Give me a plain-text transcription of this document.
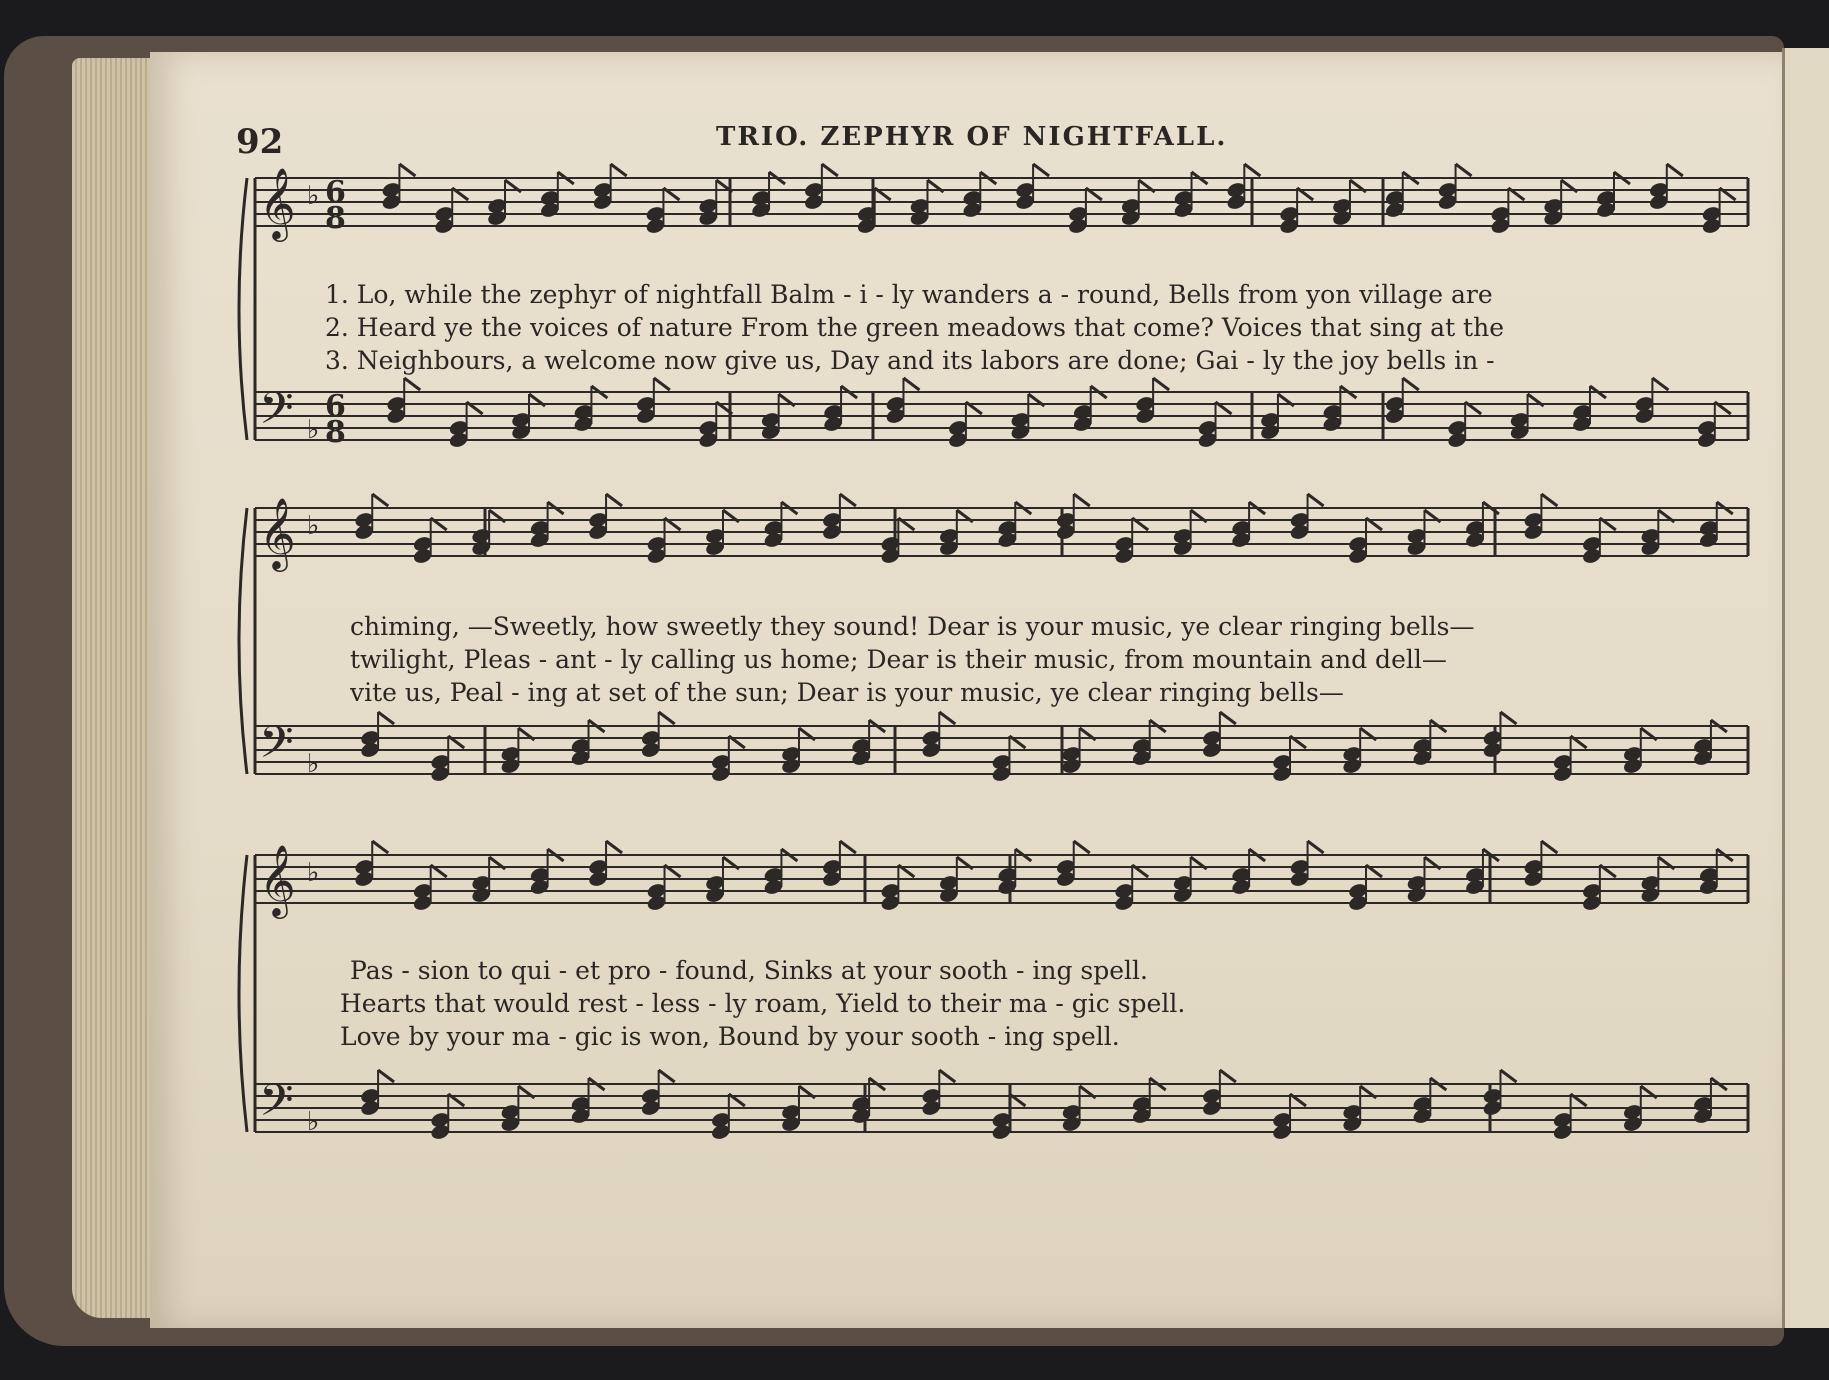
92	TRIO. ZEPHYR OF NIGHTFALL.
𝄞
𝄢
♭
♭
𝄞
𝄢
♭
♭
𝄞
𝄢
♭
♭
6
8
6
8
1. Lo, while the zephyr of nightfall Balm - i - ly wanders a - round, Bells from yon village are
2. Heard ye the voices of nature From the green meadows that come? Voices that sing at the
3. Neighbours, a welcome now give us, Day and its labors are done; Gai - ly the joy bells in -
chiming, —Sweetly, how sweetly they sound! Dear is your music, ye clear ringing bells—
twilight, Pleas - ant - ly calling us home; Dear is their music, from mountain and dell—
vite us, Peal - ing at set of the sun; Dear is your music, ye clear ringing bells—
Pas - sion to qui - et pro - found, Sinks at your sooth - ing spell.
Hearts that would rest - less - ly roam, Yield to their ma - gic spell.
Love by your ma - gic is won, Bound by your sooth - ing spell.
